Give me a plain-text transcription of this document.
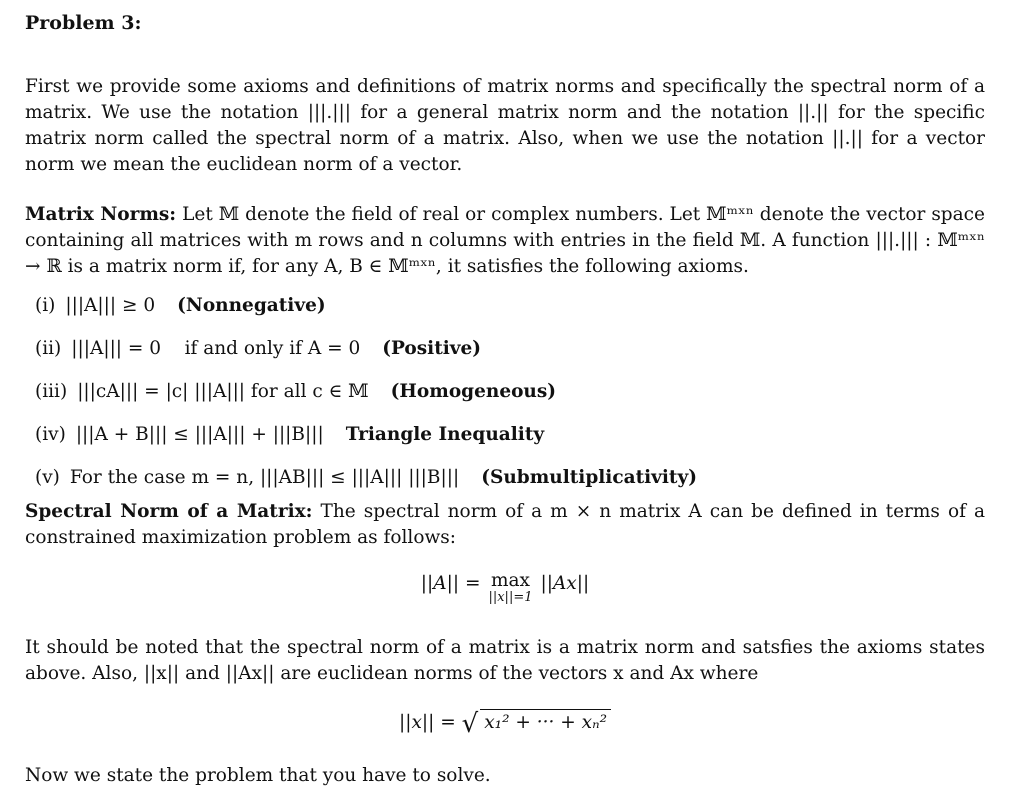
Problem 3:

First we provide some axioms and definitions of matrix norms and specifically the spectral norm of a matrix. We use the notation |||.||| for a general matrix norm and the notation ||.|| for the specific matrix norm called the spectral norm of a matrix. Also, when we use the notation ||.|| for a vector norm we mean the euclidean norm of a vector.

Matrix Norms: Let 𝕄 denote the field of real or complex numbers. Let 𝕄ᵐˣⁿ denote the vector space containing all matrices with m rows and n columns with entries in the field 𝕄. A function |||.||| : 𝕄ᵐˣⁿ → ℝ is a matrix norm if, for any A, B ∈ 𝕄ᵐˣⁿ, it satisfies the following axioms.

(i) |||A||| ≥ 0 (Nonnegative)
(ii) |||A||| = 0    if and only if A = 0 (Positive)
(iii) |||cA||| = |c| |||A||| for all c ∈ 𝕄 (Homogeneous)
(iv) |||A + B||| ≤ |||A||| + |||B||| Triangle Inequality
(v) For the case m = n, |||AB||| ≤ |||A||| |||B||| (Submultiplicativity)

Spectral Norm of a Matrix: The spectral norm of a m × n matrix A can be defined in terms of a constrained maximization problem as follows:

||A|| = max
||x||=1
||Ax||

It should be noted that the spectral norm of a matrix is a matrix norm and satsfies the axioms states above. Also, ||x|| and ||Ax|| are euclidean norms of the vectors x and Ax where

||x|| = √ x₁² + ··· + xₙ²

Now we state the problem that you have to solve.
